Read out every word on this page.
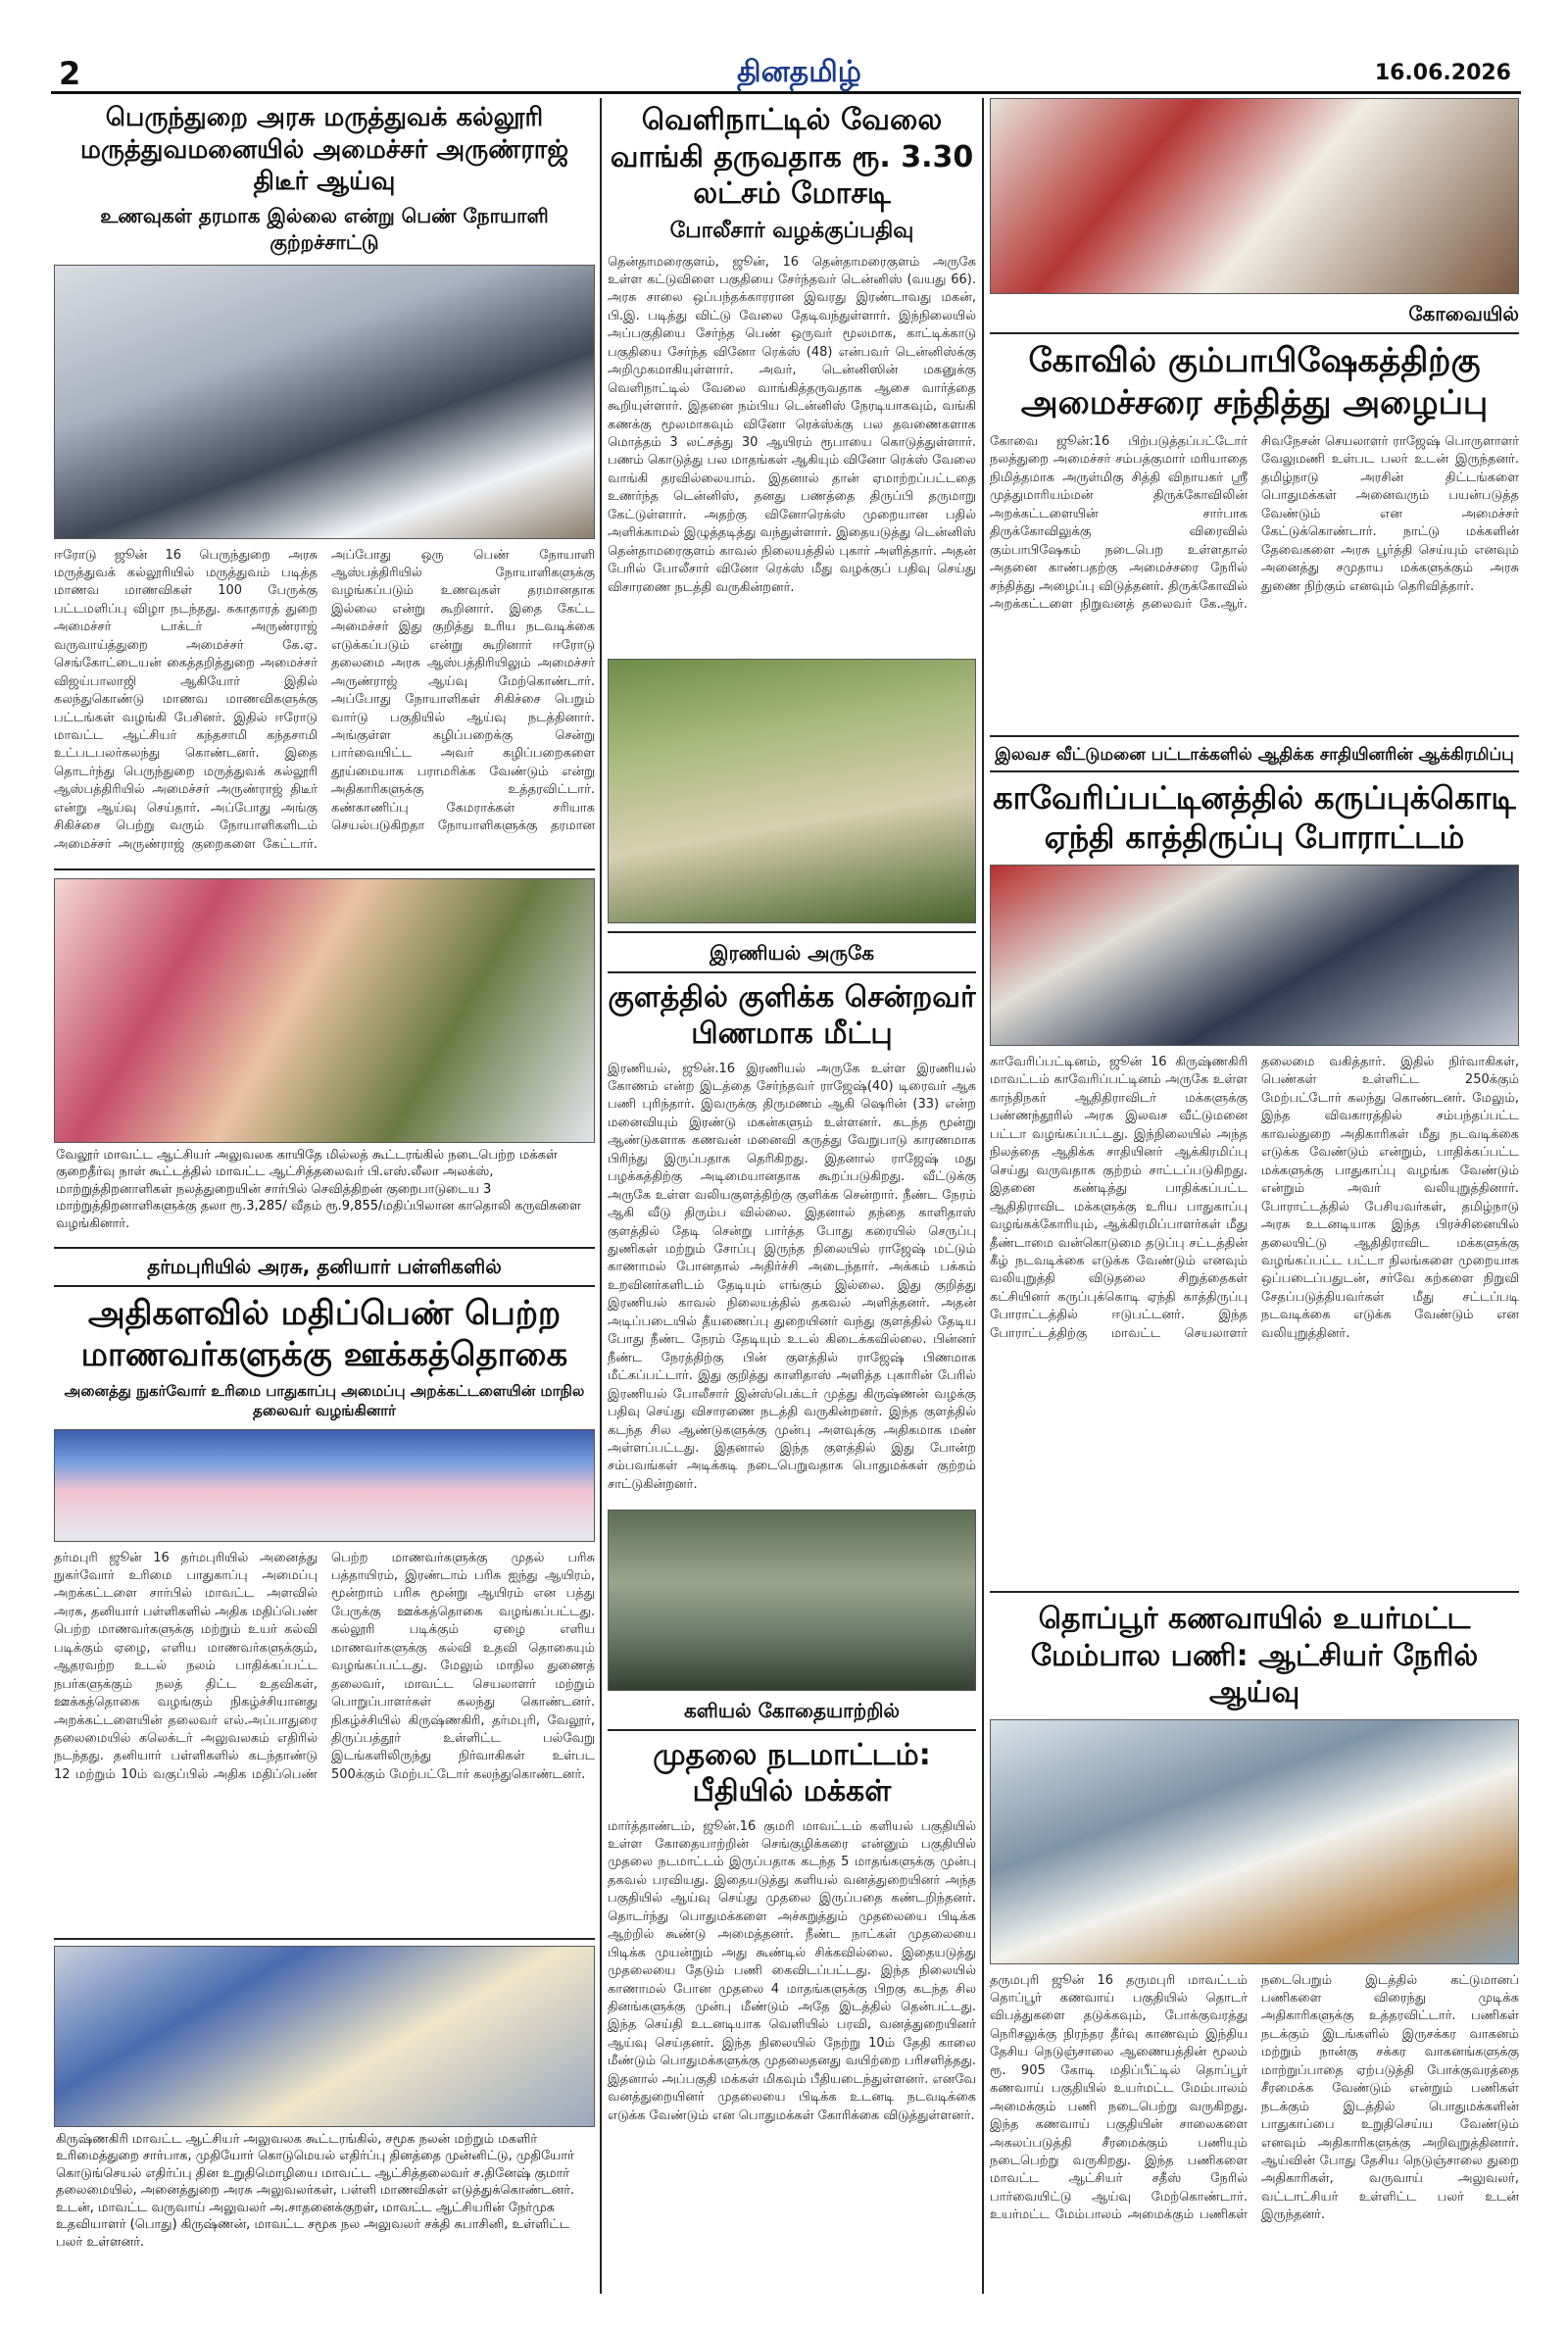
2	தினதமிழ்	16.06.2026
பெருந்துறை அரசு மருத்துவக் கல்லூரி மருத்துவமனையில் அமைச்சர் அருண்ராஜ் திடீர் ஆய்வு
உணவுகள் தரமாக இல்லை என்று பெண் நோயாளி குற்றச்சாட்டு
ஈரோடு ஜூன் 16 பெருந்துறை அரசு மருத்துவக் கல்லூரியில் மருத்துவம் படித்த மாணவ மாணவிகள் 100 பேருக்கு பட்டமளிப்பு விழா நடந்தது. சுகாதாரத் துறை அமைச்சர் டாக்டர் அருண்ராஜ் வருவாய்த்துறை அமைச்சர் கே.ஏ. செங்கோட்டையன் கைத்தறித்துறை அமைச்சர் விஜய்பாலாஜி ஆகியோர் இதில் கலந்துகொண்டு மாணவ மாணவிகளுக்கு பட்டங்கள் வழங்கி பேசினர். இதில் ஈரோடு மாவட்ட ஆட்சியர் கந்தசாமி கந்தசாமி உட்படபலர்கலந்து கொண்டனர். இதை தொடர்ந்து பெருந்துறை மருத்துவக் கல்லூரி ஆஸ்பத்திரியில் அமைச்சர் அருண்ராஜ் திடீர் என்று ஆய்வு செய்தார். அப்போது அங்கு சிகிச்சை பெற்று வரும் நோயாளிகளிடம் அமைச்சர் அருண்ராஜ் குறைகளை கேட்டார். அப்போது ஒரு பெண் நோயாளி ஆஸ்பத்திரியில் நோயாளிகளுக்கு வழங்கப்படும் உணவுகள் தரமானதாக இல்லை என்று கூறினார். இதை கேட்ட அமைச்சர் இது குறித்து உரிய நடவடிக்கை எடுக்கப்படும் என்று கூறினார் ஈரோடு தலைமை அரசு ஆஸ்பத்திரியிலும் அமைச்சர் அருண்ராஜ் ஆய்வு மேற்கொண்டார். அப்போது நோயாளிகள் சிகிச்சை பெறும் வார்டு பகுதியில் ஆய்வு நடத்தினார். அங்குள்ள கழிப்பறைக்கு சென்று பார்வையிட்ட அவர் கழிப்பறைகளை தூய்மையாக பராமரிக்க வேண்டும் என்று அதிகாரிகளுக்கு உத்தரவிட்டார். கண்காணிப்பு கேமராக்கள் சரியாக செயல்படுகிறதா நோயாளிகளுக்கு தரமான
வேலூர் மாவட்ட ஆட்சியர் அலுவலக காயிதே மில்லத் கூட்டரங்கில் நடைபெற்ற மக்கள் குறைதீர்வு நாள் கூட்டத்தில் மாவட்ட ஆட்சித்தலைவர் பி.எஸ்.லீலா அலக்ஸ், மாற்றுத்திறனாளிகள் நலத்துறையின் சார்பில் செவித்திறன் குறைபாடுடைய 3 மாற்றுத்திறனாளிகளுக்கு தலா ரூ.3,285/ வீதம் ரூ.9,855/மதிப்பிலான காதொலி கருவிகளை வழங்கினார்.
தர்மபுரியில் அரசு, தனியார் பள்ளிகளில்
அதிகளவில் மதிப்பெண் பெற்ற மாணவர்களுக்கு ஊக்கத்தொகை
அனைத்து நுகர்வோர் உரிமை பாதுகாப்பு அமைப்பு அறக்கட்டளையின் மாநில தலைவர் வழங்கினார்
தர்மபுரி ஜூன் 16 தர்மபுரியில் அனைத்து நுகர்வோர் உரிமை பாதுகாப்பு அமைப்பு அறக்கட்டளை சார்பில் மாவட்ட அளவில் அரசு, தனியார் பள்ளிகளில் அதிக மதிப்பெண் பெற்ற மாணவர்களுக்கு மற்றும் உயர் கல்வி படிக்கும் ஏழை, எளிய மாணவர்களுக்கும், ஆதரவற்ற உடல் நலம் பாதிக்கப்பட்ட நபர்களுக்கும் நலத் திட்ட உதவிகள், ஊக்கத்தொகை வழங்கும் நிகழ்ச்சியானது அறக்கட்டளையின் தலைவர் எல்.அப்பாதுரை தலைமையில் கலெக்டர் அலுவலகம் எதிரில் நடந்தது. தனியார் பள்ளிகளில் கடந்தாண்டு 12 மற்றும் 10ம் வகுப்பில் அதிக மதிப்பெண் பெற்ற மாணவர்களுக்கு முதல் பரிசு பத்தாயிரம், இரண்டாம் பரிசு ஐந்து ஆயிரம், மூன்றாம் பரிசு மூன்று ஆயிரம் என பத்து பேருக்கு ஊக்கத்தொகை வழங்கப்பட்டது. கல்லூரி படிக்கும் ஏழை எளிய மாணவர்களுக்கு கல்வி உதவி தொகையும் வழங்கப்பட்டது. மேலும் மாநில துணைத் தலைவர், மாவட்ட செயலாளர் மற்றும் பொறுப்பாளர்கள் கலந்து கொண்டனர். நிகழ்ச்சியில் கிருஷ்ணகிரி, தர்மபுரி, வேலூர், திருப்பத்தூர் உள்ளிட்ட பல்வேறு இடங்களிலிருந்து நிர்வாகிகள் உள்பட 500க்கும் மேற்பட்டோர் கலந்துகொண்டனர்.
கிருஷ்ணகிரி மாவட்ட ஆட்சியர் அலுவலக கூட்டரங்கில், சமூக நலன் மற்றும் மகளிர் உரிமைத்துறை சார்பாக, முதியோர் கொடுமெயல் எதிர்ப்பு தினத்தை முன்னிட்டு, முதியோர் கொடுங்செயல் எதிர்ப்பு தின உறுதிமொழியை மாவட்ட ஆட்சித்தலைவர் ச.தினேஷ் குமார் தலைமையில், அனைத்துறை அரசு அலுவலர்கள், பள்ளி மாணவிகள் எடுத்துக்கொண்டனர். உடன், மாவட்ட வருவாய் அலுவலர் அ.சாதனைக்குறள், மாவட்ட ஆட்சியரின் நேர்முக உதவியாளர் (பொது) கிருஷ்ணன், மாவட்ட சமூக நல அலுவலர் சக்தி சுபாசினி, உள்ளிட்ட பலர் உள்ளனர்.
வெளிநாட்டில் வேலை வாங்கி தருவதாக ரூ. 3.30 லட்சம் மோசடி
போலீசார் வழக்குப்பதிவு
தென்தாமரைகுளம், ஜூன், 16 தென்தாமரைகுளம் அருகே உள்ள கட்டுவிளை பகுதியை சேர்ந்தவர் டென்னிஸ் (வயது 66). அரசு சாலை ஒப்பந்தக்காரரான இவரது இரண்டாவது மகன், பி.இ. படித்து விட்டு வேலை தேடிவந்துள்ளார். இந்நிலையில் அப்பகுதியை சேர்ந்த பெண் ஒருவர் மூலமாக, காட்டிக்காடு பகுதியை சேர்ந்த வினோ ரெக்ஸ் (48) என்பவர் டென்னிஸ்க்கு அறிமுகமாகியுள்ளார். அவர், டென்னிஸின் மகனுக்கு வெளிநாட்டில் வேலை வாங்கித்தருவதாக ஆசை வார்த்தை கூறியுள்ளார். இதனை நம்பிய டென்னிஸ் நேரடியாகவும், வங்கி கணக்கு மூலமாகவும் வினோ ரெக்ஸ்க்கு பல தவணைகளாக மொத்தம் 3 லட்சத்து 30 ஆயிரம் ரூபாயை கொடுத்துள்ளார். பணம் கொடுத்து பல மாதங்கள் ஆகியும் வினோ ரெக்ஸ் வேலை வாங்கி தரவில்லையாம். இதனால் தான் ஏமாற்றப்பட்டதை உணர்ந்த டென்னிஸ், தனது பணத்தை திருப்பி தருமாறு கேட்டுள்ளார். அதற்கு வினோரெக்ஸ் முறையான பதில் அளிக்காமல் இழுத்தடித்து வந்துள்ளார். இதையடுத்து டென்னிஸ் தென்தாமரைகுளம் காவல் நிலையத்தில் புகார் அளித்தார். அதன் பேரில் போலீசார் வினோ ரெக்ஸ் மீது வழக்குப் பதிவு செய்து விசாரணை நடத்தி வருகின்றனர்.
இரணியல் அருகே
குளத்தில் குளிக்க சென்றவர் பிணமாக மீட்பு
இரணியல், ஜூன்.16 இரணியல் அருகே உள்ள இரணியல் கோணம் என்ற இடத்தை சேர்ந்தவர் ராஜேஷ்(40) டிரைவர் ஆக பணி புரிந்தார். இவருக்கு திருமணம் ஆகி ஷெரின் (33) என்ற மனைவியும் இரண்டு மகன்களும் உள்ளனர். கடந்த மூன்று ஆண்டுகளாக கணவன் மனைவி கருத்து வேறுபாடு காரணமாக பிரிந்து இருப்பதாக தெரிகிறது. இதனால் ராஜேஷ் மது பழக்கத்திற்கு அடிமையானதாக கூறப்படுகிறது. வீட்டுக்கு அருகே உள்ள வலியகுளத்திற்கு குளிக்க சென்றார். நீண்ட நேரம் ஆகி வீடு திரும்ப வில்லை. இதனால் தந்தை காளிதாஸ் குளத்தில் தேடி சென்று பார்த்த போது கரையில் செருப்பு துணிகள் மற்றும் சோப்பு இருந்த நிலையில் ராஜேஷ் மட்டும் காணாமல் போனதால் அதிர்ச்சி அடைந்தார். அக்கம் பக்கம் உறவினர்களிடம் தேடியும் எங்கும் இல்லை. இது குறித்து இரணியல் காவல் நிலையத்தில் தகவல் அளித்தனர். அதன் அடிப்படையில் தீயணைப்பு துறையினர் வந்து குளத்தில் தேடிய போது நீண்ட நேரம் தேடியும் உடல் கிடைக்கவில்லை. பின்னர் நீண்ட நேரத்திற்கு பின் குளத்தில் ராஜேஷ் பிணமாக மீட்கப்பட்டார். இது குறித்து காளிதாஸ் அளித்த புகாரின் பேரில் இரணியல் போலீசார் இன்ஸ்பெக்டர் முத்து கிருஷ்ணன் வழக்கு பதிவு செய்து விசாரணை நடத்தி வருகின்றனர். இந்த குளத்தில் கடந்த சில ஆண்டுகளுக்கு முன்பு அளவுக்கு அதிகமாக மண் அள்ளப்பட்டது. இதனால் இந்த குளத்தில் இது போன்ற சம்பவங்கள் அடிக்கடி நடைபெறுவதாக பொதுமக்கள் குற்றம் சாட்டுகின்றனர்.
களியல் கோதையாற்றில்
முதலை நடமாட்டம்: பீதியில் மக்கள்
மார்த்தாண்டம், ஜூன்.16 குமரி மாவட்டம் களியல் பகுதியில் உள்ள கோதையாற்றின் செங்குழிக்கரை என்னும் பகுதியில் முதலை நடமாட்டம் இருப்பதாக கடந்த 5 மாதங்களுக்கு முன்பு தகவல் பரவியது. இதையடுத்து களியல் வனத்துறையினர் அந்த பகுதியில் ஆய்வு செய்து முதலை இருப்பதை கண்டறிந்தனர். தொடர்ந்து பொதுமக்களை அச்சுறுத்தும் முதலையை பிடிக்க ஆற்றில் கூண்டு அமைத்தனர். நீண்ட நாட்கள் முதலையை பிடிக்க முயன்றும் அது கூண்டில் சிக்கவில்லை. இதையடுத்து முதலையை தேடும் பணி கைவிடப்பட்டது. இந்த நிலையில் காணாமல் போன முதலை 4 மாதங்களுக்கு பிறகு கடந்த சில தினங்களுக்கு முன்பு மீண்டும் அதே இடத்தில் தென்பட்டது. இந்த செய்தி உடனடியாக வெளியில் பரவி, வனத்துறையினர் ஆய்வு செய்தனர். இந்த நிலையில் நேற்று 10ம் தேதி காலை மீண்டும் பொதுமக்களுக்கு முதலைதனது வயிற்றை பரிசளித்தது. இதனால் அப்பகுதி மக்கள் மிகவும் பீதியடைந்துள்ளனர். எனவே வனத்துறையினர் முதலையை பிடிக்க உடனடி நடவடிக்கை எடுக்க வேண்டும் என பொதுமக்கள் கோரிக்கை விடுத்துள்ளனர்.
கோவையில்
கோவில் கும்பாபிஷேகத்திற்கு அமைச்சரை சந்தித்து அழைப்பு
கோவை ஜூன்:16 பிற்படுத்தப்பட்டோர் நலத்துறை அமைச்சர் சம்பத்குமார் மரியாதை நிமித்தமாக அருள்மிகு சித்தி விநாயகர் ஸ்ரீ முத்துமாரியம்மன் திருக்கோவிலின் அறக்கட்டளையின் சார்பாக திருக்கோவிலுக்கு விரைவில் கும்பாபிஷேகம் நடைபெற உள்ளதால் அதனை காண்பதற்கு அமைச்சரை நேரில் சந்தித்து அழைப்பு விடுத்தனர். திருக்கோவில் அறக்கட்டளை நிறுவனத் தலைவர் கே.ஆர். சிவநேசன் செயலாளர் ராஜேஷ் பொருளாளர் வேலுமணி உள்பட பலர் உடன் இருந்தனர். தமிழ்நாடு அரசின் திட்டங்களை பொதுமக்கள் அனைவரும் பயன்படுத்த வேண்டும் என அமைச்சர் கேட்டுக்கொண்டார். நாட்டு மக்களின் தேவைகளை அரசு பூர்த்தி செய்யும் எனவும் அனைத்து சமுதாய மக்களுக்கும் அரசு துணை நிற்கும் எனவும் தெரிவித்தார்.
இலவச வீட்டுமனை பட்டாக்களில் ஆதிக்க சாதியினரின் ஆக்கிரமிப்பு
காவேரிப்பட்டினத்தில் கருப்புக்கொடி ஏந்தி காத்திருப்பு போராட்டம்
காவேரிப்பட்டினம், ஜூன் 16 கிருஷ்ணகிரி மாவட்டம் காவேரிப்பட்டினம் அருகே உள்ள காந்திநகர் ஆதிதிராவிடர் மக்களுக்கு பண்ணந்தூரில் அரசு இலவச வீட்டுமனை பட்டா வழங்கப்பட்டது. இந்நிலையில் அந்த நிலத்தை ஆதிக்க சாதியினர் ஆக்கிரமிப்பு செய்து வருவதாக குற்றம் சாட்டப்படுகிறது. இதனை கண்டித்து பாதிக்கப்பட்ட ஆதிதிராவிட மக்களுக்கு உரிய பாதுகாப்பு வழங்கக்கோரியும், ஆக்கிரமிப்பாளர்கள் மீது தீண்டாமை வன்கொடுமை தடுப்பு சட்டத்தின் கீழ் நடவடிக்கை எடுக்க வேண்டும் எனவும் வலியுறுத்தி விடுதலை சிறுத்தைகள் கட்சியினர் கருப்புக்கொடி ஏந்தி காத்திருப்பு போராட்டத்தில் ஈடுபட்டனர். இந்த போராட்டத்திற்கு மாவட்ட செயலாளர் தலைமை வகித்தார். இதில் நிர்வாகிகள், பெண்கள் உள்ளிட்ட 250க்கும் மேற்பட்டோர் கலந்து கொண்டனர். மேலும், இந்த விவகாரத்தில் சம்பந்தப்பட்ட காவல்துறை அதிகாரிகள் மீது நடவடிக்கை எடுக்க வேண்டும் என்றும், பாதிக்கப்பட்ட மக்களுக்கு பாதுகாப்பு வழங்க வேண்டும் என்றும் அவர் வலியுறுத்தினார். போராட்டத்தில் பேசியவர்கள், தமிழ்நாடு அரசு உடனடியாக இந்த பிரச்சினையில் தலையிட்டு ஆதிதிராவிட மக்களுக்கு வழங்கப்பட்ட பட்டா நிலங்களை முறையாக ஒப்படைப்பதுடன், சர்வே கற்களை நிறுவி சேதப்படுத்தியவர்கள் மீது சட்டப்படி நடவடிக்கை எடுக்க வேண்டும் என வலியுறுத்தினர்.
தொப்பூர் கணவாயில் உயர்மட்ட மேம்பால பணி: ஆட்சியர் நேரில் ஆய்வு
தருமபுரி ஜூன் 16 தருமபுரி மாவட்டம் தொப்பூர் கணவாய் பகுதியில் தொடர் விபத்துகளை தடுக்கவும், போக்குவரத்து நெரிசலுக்கு நிரந்தர தீர்வு காணவும் இந்திய தேசிய நெடுஞ்சாலை ஆணையத்தின் மூலம் ரூ. 905 கோடி மதிப்பீட்டில் தொப்பூர் கணவாய் பகுதியில் உயர்மட்ட மேம்பாலம் அமைக்கும் பணி நடைபெற்று வருகிறது. இந்த கணவாய் பகுதியின் சாலைகளை அகலப்படுத்தி சீரமைக்கும் பணியும் நடைபெற்று வருகிறது. இந்த பணிகளை மாவட்ட ஆட்சியர் சதீஸ் நேரில் பார்வையிட்டு ஆய்வு மேற்கொண்டார். உயர்மட்ட மேம்பாலம் அமைக்கும் பணிகள் நடைபெறும் இடத்தில் கட்டுமானப் பணிகளை விரைந்து முடிக்க அதிகாரிகளுக்கு உத்தரவிட்டார். பணிகள் நடக்கும் இடங்களில் இருசக்கர வாகனம் மற்றும் நான்கு சக்கர வாகனங்களுக்கு மாற்றுப்பாதை ஏற்படுத்தி போக்குவரத்தை சீரமைக்க வேண்டும் என்றும் பணிகள் நடக்கும் இடத்தில் பொதுமக்களின் பாதுகாப்பை உறுதிசெய்ய வேண்டும் எனவும் அதிகாரிகளுக்கு அறிவுறுத்தினார். ஆய்வின் போது தேசிய நெடுஞ்சாலை துறை அதிகாரிகள், வருவாய் அலுவலர், வட்டாட்சியர் உள்ளிட்ட பலர் உடன் இருந்தனர்.
